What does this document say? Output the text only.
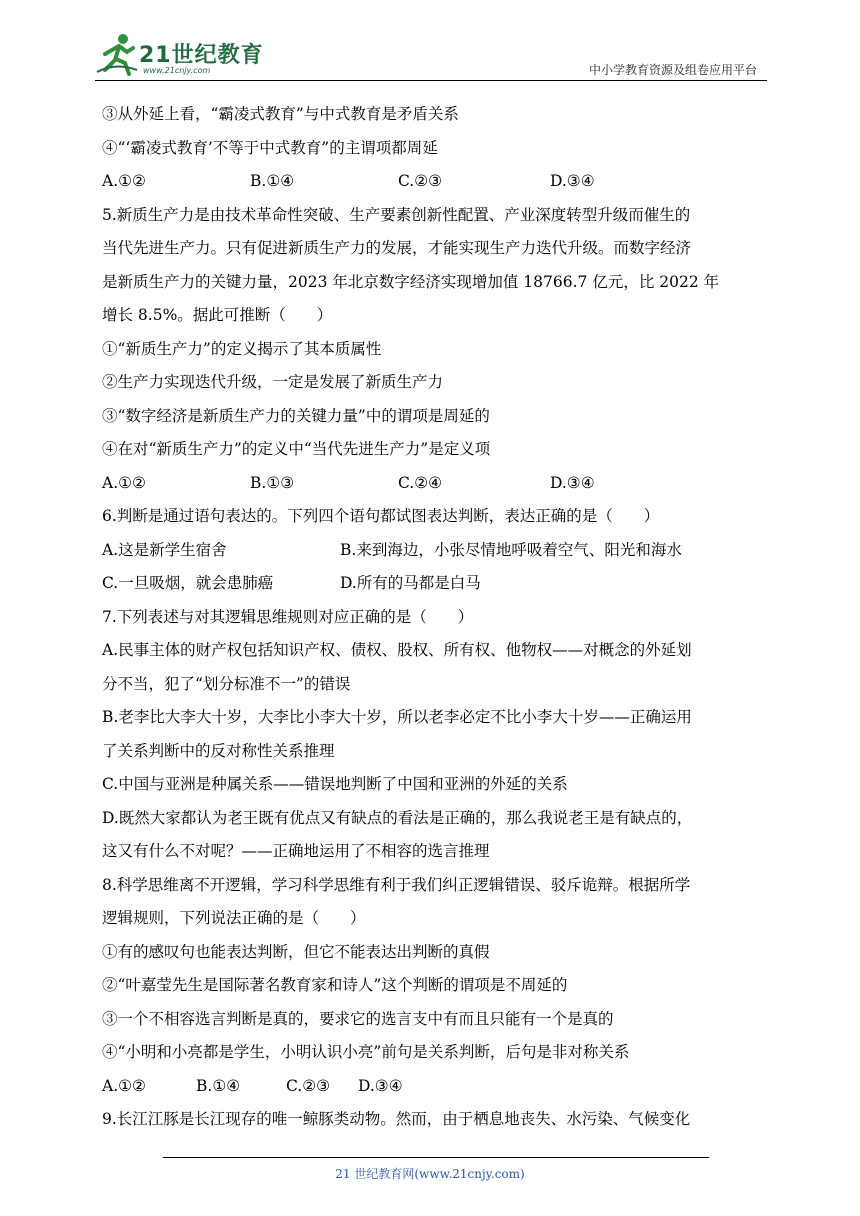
21世纪教育
www.21cnjy.com	中小学教育资源及组卷应用平台
③从外延上看，“霸凌式教育”与中式教育是矛盾关系
④“‘霸凌式教育’不等于中式教育”的主谓项都周延
A.①②	B.①④	C.②③	D.③④
5.新质生产力是由技术革命性突破、生产要素创新性配置、产业深度转型升级而催生的
当代先进生产力。只有促进新质生产力的发展，才能实现生产力迭代升级。而数字经济
是新质生产力的关键力量，2023 年北京数字经济实现增加值 18766.7 亿元，比 2022 年
增长 8.5%。据此可推断（　　）
①“新质生产力”的定义揭示了其本质属性
②生产力实现迭代升级，一定是发展了新质生产力
③“数字经济是新质生产力的关键力量”中的谓项是周延的
④在对“新质生产力”的定义中“当代先进生产力”是定义项
A.①②	B.①③	C.②④	D.③④
6.判断是通过语句表达的。下列四个语句都试图表达判断，表达正确的是（　　）
A.这是新学生宿舍	B.来到海边，小张尽情地呼吸着空气、阳光和海水
C.一旦吸烟，就会患肺癌	D.所有的马都是白马
7.下列表述与对其逻辑思维规则对应正确的是（　　）
A.民事主体的财产权包括知识产权、债权、股权、所有权、他物权——对概念的外延划
分不当，犯了“划分标准不一”的错误
B.老李比大李大十岁，大李比小李大十岁，所以老李必定不比小李大十岁——正确运用
了关系判断中的反对称性关系推理
C.中国与亚洲是种属关系——错误地判断了中国和亚洲的外延的关系
D.既然大家都认为老王既有优点又有缺点的看法是正确的，那么我说老王是有缺点的，
这又有什么不对呢？——正确地运用了不相容的选言推理
8.科学思维离不开逻辑，学习科学思维有利于我们纠正逻辑错误、驳斥诡辩。根据所学
逻辑规则，下列说法正确的是（　　）
①有的感叹句也能表达判断，但它不能表达出判断的真假
②“叶嘉莹先生是国际著名教育家和诗人”这个判断的谓项是不周延的
③一个不相容选言判断是真的，要求它的选言支中有而且只能有一个是真的
④“小明和小亮都是学生，小明认识小亮”前句是关系判断，后句是非对称关系
A.①②	B.①④	C.②③	D.③④
9.长江江豚是长江现存的唯一鲸豚类动物。然而，由于栖息地丧失、水污染、气候变化
21 世纪教育网(www.21cnjy.com)
